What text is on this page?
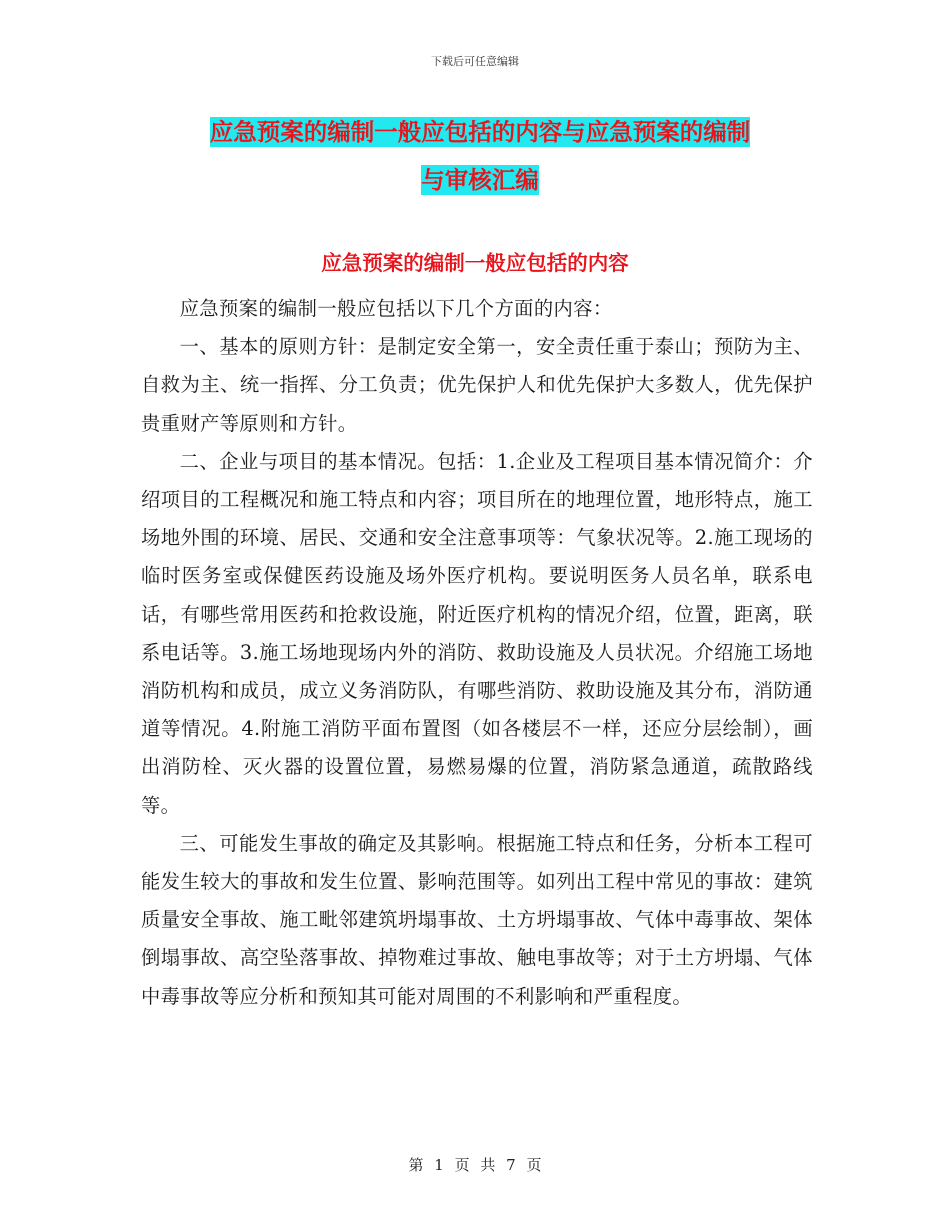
下载后可任意编辑
应急预案的编制一般应包括的内容与应急预案的编制
与审核汇编
应急预案的编制一般应包括的内容

应急预案的编制一般应包括以下几个方面的内容：

一、基本的原则方针：是制定安全第一，安全责任重于泰山；预防为主、自救为主、统一指挥、分工负责；优先保护人和优先保护大多数人，优先保护贵重财产等原则和方针。

二、企业与项目的基本情况。包括：1.企业及工程项目基本情况简介：介绍项目的工程概况和施工特点和内容；项目所在的地理位置，地形特点，施工场地外围的环境、居民、交通和安全注意事项等：气象状况等。2.施工现场的临时医务室或保健医药设施及场外医疗机构。要说明医务人员名单，联系电话，有哪些常用医药和抢救设施，附近医疗机构的情况介绍，位置，距离，联系电话等。3.施工场地现场内外的消防、救助设施及人员状况。介绍施工场地消防机构和成员，成立义务消防队，有哪些消防、救助设施及其分布，消防通道等情况。4.附施工消防平面布置图（如各楼层不一样，还应分层绘制），画出消防栓、灭火器的设置位置，易燃易爆的位置，消防紧急通道，疏散路线等。

三、可能发生事故的确定及其影响。根据施工特点和任务，分析本工程可能发生较大的事故和发生位置、影响范围等。如列出工程中常见的事故：建筑质量安全事故、施工毗邻建筑坍塌事故、土方坍塌事故、气体中毒事故、架体倒塌事故、高空坠落事故、掉物难过事故、触电事故等；对于土方坍塌、气体中毒事故等应分析和预知其可能对周围的不利影响和严重程度。

第 1 页 共 7 页
